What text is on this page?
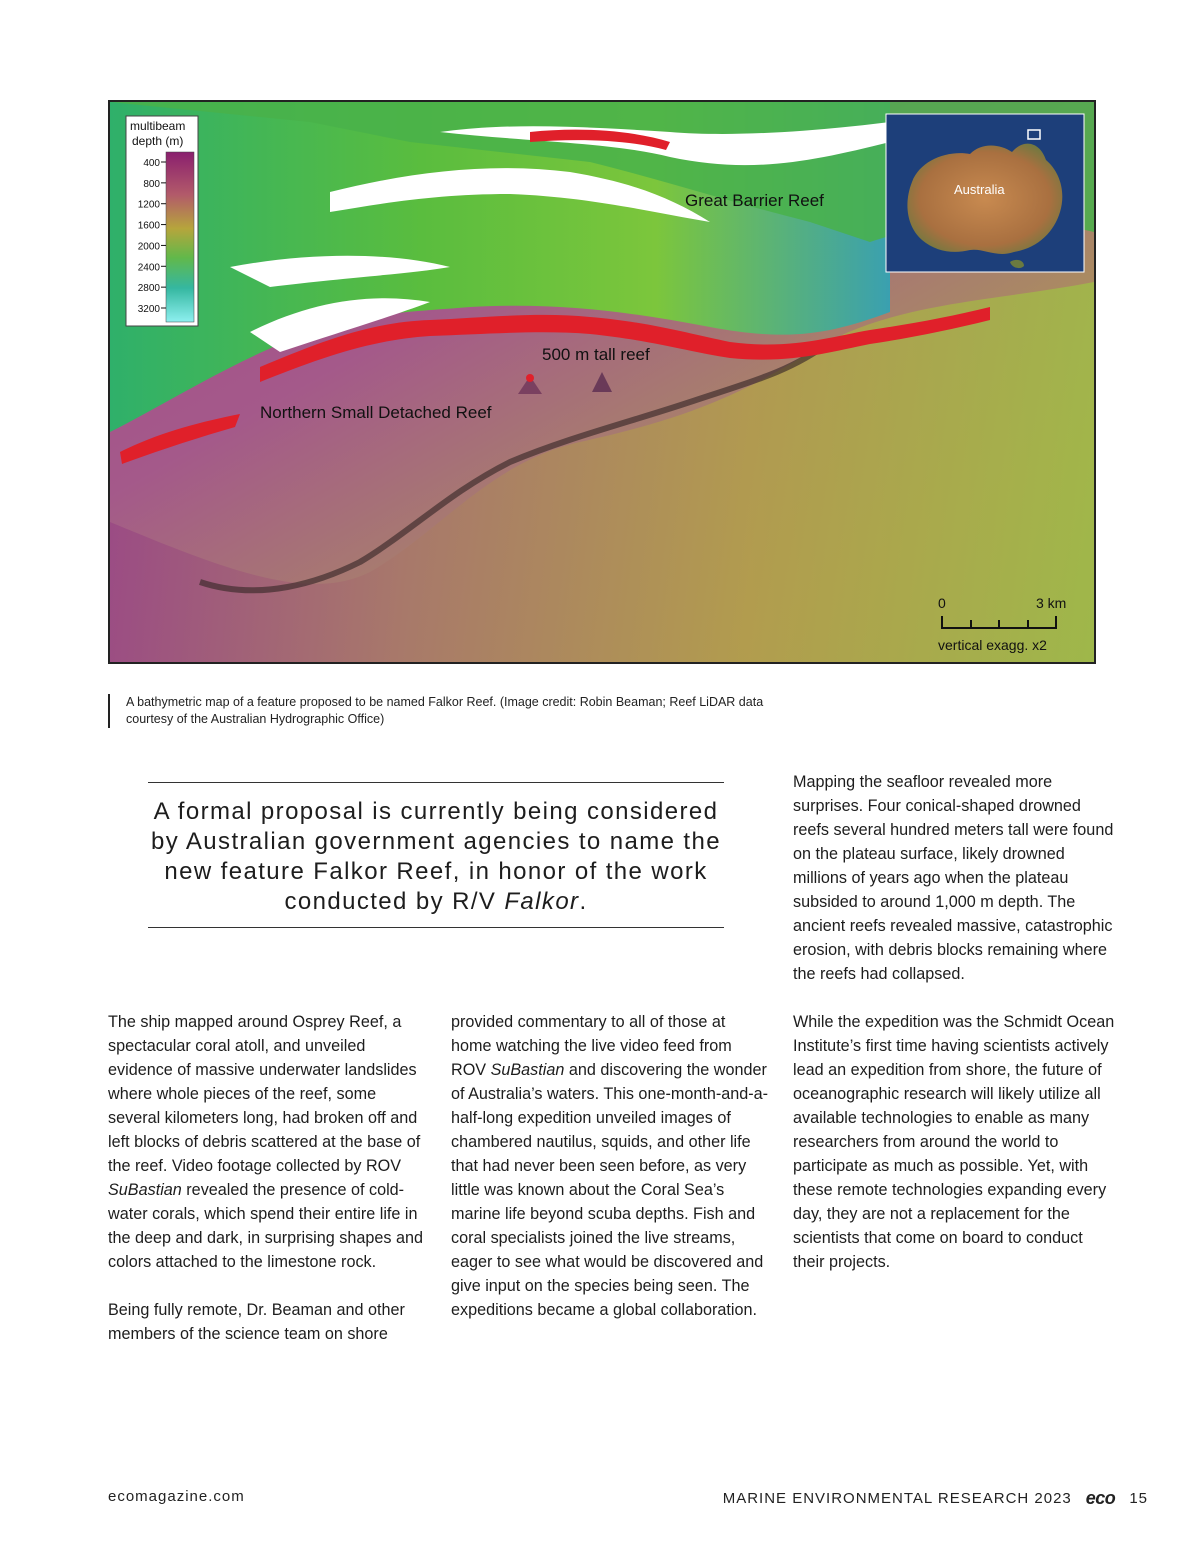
Great Barrier Reef
500 m tall reef
Northern Small Detached Reef
multibeam
depth (m)
400
800
1200
1600
2000
2400
2800
3200
Australia
0	3 km
vertical exagg. x2
A bathymetric map of a feature proposed to be named Falkor Reef. (Image credit: Robin Beaman; Reef LiDAR data courtesy of the Australian Hydrographic Office)
A formal proposal is currently being considered by Australian government agencies to name the new feature Falkor Reef, in honor of the work conducted by R/V Falkor.

The ship mapped around Osprey Reef, a spectacular coral atoll, and unveiled evidence of massive underwater landslides where whole pieces of the reef, some several kilometers long, had broken off and left blocks of debris scattered at the base of the reef. Video footage collected by ROV SuBastian revealed the presence of cold-water corals, which spend their entire life in the deep and dark, in surprising shapes and colors attached to the limestone rock.

Being fully remote, Dr. Beaman and other members of the science team on shore

provided commentary to all of those at home watching the live video feed from ROV SuBastian and discovering the wonder of Australia’s waters. This one-month-and-a-half-long expedition unveiled images of chambered nautilus, squids, and other life that had never been seen before, as very little was known about the Coral Sea’s marine life beyond scuba depths. Fish and coral specialists joined the live streams, eager to see what would be discovered and give input on the species being seen. The expeditions became a global collaboration.

Mapping the seafloor revealed more surprises. Four conical-shaped drowned reefs several hundred meters tall were found on the plateau surface, likely drowned millions of years ago when the plateau subsided to around 1,000 m depth. The ancient reefs revealed massive, catastrophic erosion, with debris blocks remaining where the reefs had collapsed.

While the expedition was the Schmidt Ocean Institute’s first time having scientists actively lead an expedition from shore, the future of oceanographic research will likely utilize all available technologies to enable as many researchers from around the world to participate as much as possible. Yet, with these remote technologies expanding every day, they are not a replacement for the scientists that come on board to conduct their projects.

ecomagazine.com	MARINE ENVIRONMENTAL RESEARCH 2023 eco 15
